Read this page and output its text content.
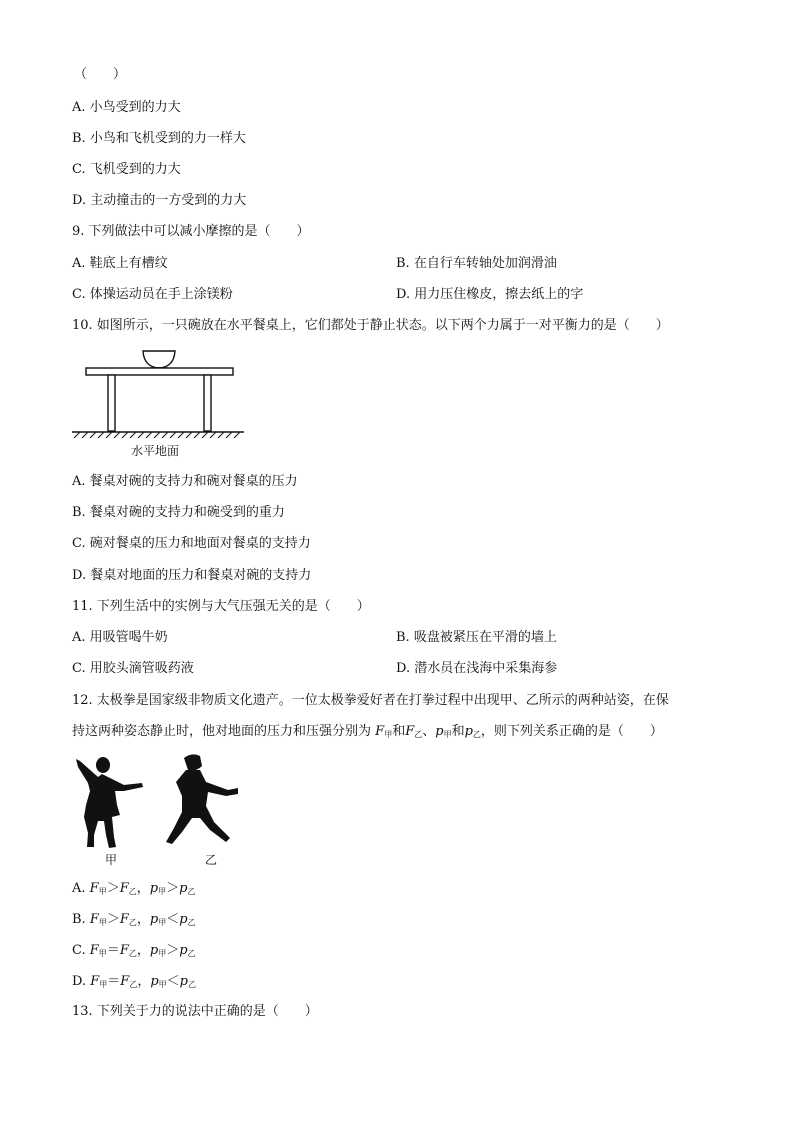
（　　）
A. 小鸟受到的力大
B. 小鸟和飞机受到的力一样大
C. 飞机受到的力大
D. 主动撞击的一方受到的力大
9. 下列做法中可以减小摩擦的是（　　）
A. 鞋底上有槽纹	B. 在自行车转轴处加润滑油
C. 体操运动员在手上涂镁粉	D. 用力压住橡皮，擦去纸上的字
10. 如图所示，一只碗放在水平餐桌上，它们都处于静止状态。以下两个力属于一对平衡力的是（　　）
水平地面
A. 餐桌对碗的支持力和碗对餐桌的压力
B. 餐桌对碗的支持力和碗受到的重力
C. 碗对餐桌的压力和地面对餐桌的支持力
D. 餐桌对地面的压力和餐桌对碗的支持力
11. 下列生活中的实例与大气压强无关的是（　　）
A. 用吸管喝牛奶	B. 吸盘被紧压在平滑的墙上
C. 用胶头滴管吸药液	D. 潜水员在浅海中采集海参
12. 太极拳是国家级非物质文化遗产。一位太极拳爱好者在打拳过程中出现甲、乙所示的两种站姿，在保
持这两种姿态静止时，他对地面的压力和压强分别为 $F_甲$和$F_乙$、$p_甲$和$p_乙$，则下列关系正确的是（　　）
甲	乙
A. $F_甲>F_乙$，$p_甲>p_乙$
B. $F_甲>F_乙$，$p_甲<p_乙$
C. $F_甲=F_乙$，$p_甲>p_乙$
D. $F_甲=F_乙$，$p_甲<p_乙$
13. 下列关于力的说法中正确的是（　　）
